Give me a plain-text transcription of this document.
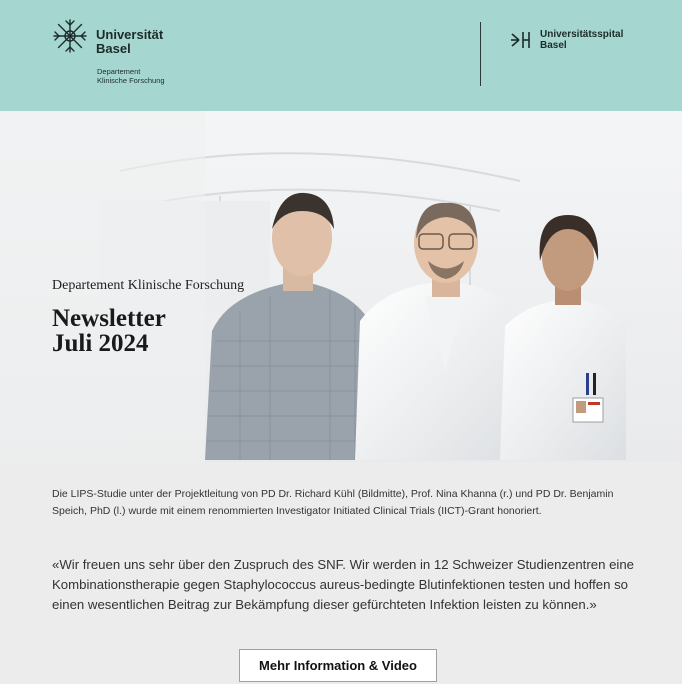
Universität
Basel
Departement
Klinische Forschung
Universitätsspital
Basel
Departement Klinische Forschung
Newsletter
Juli 2024
Die LIPS-Studie unter der Projektleitung von PD Dr. Richard Kühl (Bildmitte), Prof. Nina Khanna (r.) und PD Dr. Benjamin Speich, PhD (l.) wurde mit einem renommierten Investigator Initiated Clinical Trials (IICT)-Grant honoriert.
«Wir freuen uns sehr über den Zuspruch des SNF. Wir werden in 12 Schweizer Studienzentren eine Kombinationstherapie gegen Staphylococcus aureus-bedingte Blutinfektionen testen und hoffen so einen wesentlichen Beitrag zur Bekämpfung dieser gefürchteten Infektion leisten zu können.»
Mehr Information & Video
